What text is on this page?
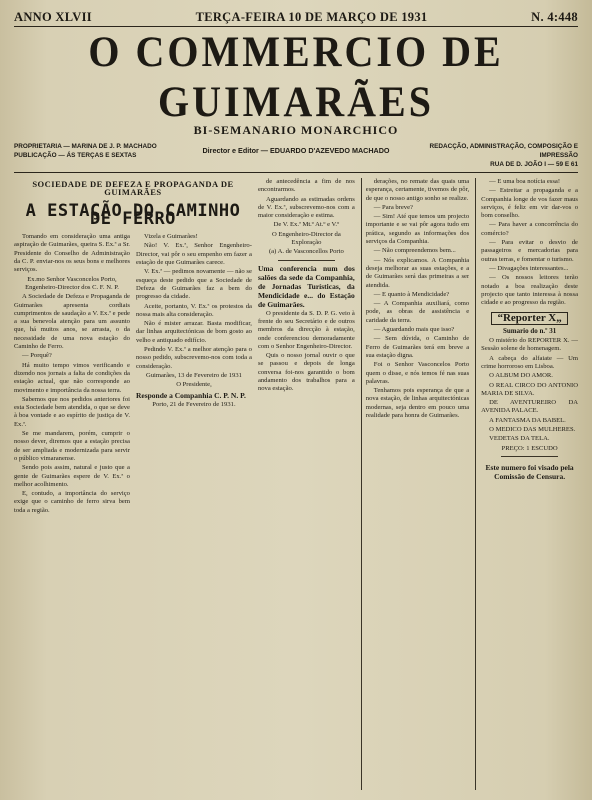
ANNO XLVII	TERÇA-FEIRA 10 DE MARÇO DE 1931	N. 4:448
O COMMERCIO DE GUIMARÃES
BI-SEMANARIO MONARCHICO
PROPRIETARIA — MARINA DE J. P. MACHADO
PUBLICAÇÃO — ÁS TERÇAS E SEXTAS
Director e Editor — EDUARDO D'AZEVEDO MACHADO	REDACÇÃO, ADMINISTRAÇÃO, COMPOSIÇÃO E IMPRESSÃO
RUA DE D. JOÃO I — 59 E 61
SOCIEDADE DE DEFEZA E PROPAGANDA DE GUIMARÃES
A ESTAÇÃO DO CAMINHO DE FERRO

Tomando em consideração uma antiga aspiração de Guimarães, queira S. Ex.ª a Sr. Presidente do Conselho de Administração da C. P. enviar-nos os seus bons e melhores serviços.

Ex.mo Senhor Vasconcelos Porto, Engenheiro-Director dos C. F. N. P.

A Sociedade de Defeza e Propaganda de Guimarães apresenta cordiais cumprimentos de saudação a V. Ex.ª e pede a sua benevola atenção para um assunto que, há muitos anos, se arrasta, o da necessidade de uma nova estação do Caminho de Ferro.

— Porquê?

Há muito tempo vimos verificando e dizendo nos jornais a falta de condições da estação actual, que não corresponde ao movimento e importância da nossa terra.

Sabemos que nos pedidos anteriores foi esta Sociedade bem atendida, o que se deve à boa vontade e ao espírito de justiça de V. Ex.ª.

Se me mandarem, porém, cumprir o nosso dever, diremos que a estação precisa de ser ampliada e modernizada para servir o público vimaranense.

Sendo pois assim, natural e justo que a gente de Guimarães espere de V. Ex.ª o melhor acolhimento.

E, contudo, a importância do serviço exige que o caminho de ferro sirva bem toda a região.

Vizela e Guimarães!

Não! V. Ex.ª, Senhor Engenheiro-Director, vai pôr o seu empenho em fazer a estação de que Guimarães carece.

V. Ex.ª — pedimos novamente — não se esqueça deste pedido que a Sociedade de Defeza de Guimarães faz a bem do progresso da cidade.

Aceite, portanto, V. Ex.ª os protestos da nossa mais alta consideração.

Não é mister arrazar. Basta modificar, dar linhas arquitectónicas de bom gosto ao velho e antiquado edifício.

Pedindo V. Ex.ª a melhor atenção para o nosso pedido, subscrevemo-nos com toda a consideração.

Guimarães, 13 de Fevereiro de 1931

O Presidente,

Responde a Companhia C. P. N. P.

Porto, 21 de Fevereiro de 1931.

de antecedência a fim de nos encontrarmos.

Aguardando as estimadas ordens de V. Ex.ª, subscrevemo-nos com a maior consideração e estima.

De V. Ex.ª Mt.º At.º e V.º

O Engenheiro-Director da Exploração

(a) A. de Vasconcellos Porto

Uma conferencia num dos salões da sede da Companhia, de Jornadas Turísticas, da Mendicidade e... do Estação de Guimarães.

O presidente da S. D. P. G. veio à frente do seu Secretário e de outros membros da direcção à estação, onde conferenciou demoradamente com o Senhor Engenheiro-Director.

Quis o nosso jornal ouvir o que se passou e depois de longa conversa foi-nos garantido o bom andamento dos trabalhos para a nova estação.

derações, no remate das quais uma esperança, certamente, tivemos de pôr, de que o nosso antigo sonho se realize.

— Para breve?

— Sim! Até que temos um projecto importante e se vai pôr agora tudo em prática, segundo as informações dos serviços da Companhia.

— Não compreendemos bem...

— Nós explicamos. A Companhia deseja melhorar as suas estações, e a de Guimarães será das primeiras a ser atendida.

— E quanto à Mendicidade?

— A Companhia auxiliará, como pode, as obras de assistência e caridade da terra.

— Aguardando mais que isso?

— Sem dúvida, o Caminho de Ferro de Guimarães terá em breve a sua estação digna.

Foi o Senhor Vasconcelos Porto quem o disse, e nós temos fé nas suas palavras.

Tenhamos pois esperança de que a nova estação, de linhas arquitectónicas modernas, seja dentro em pouco uma realidade para honra de Guimarães.

— E uma boa notícia essa!

— Estreitar a propaganda e a Companhia longe de vos fazer maus serviços, é feliz em vir dar-vos o bom conselho.

— Para haver a concorrência do comércio?

— Para evitar o desvio de passageiros e mercadorias para outras terras, e fomentar o turismo.

— Divagações interessantes...

— Os nossos leitores terão notado a boa realização deste projecto que tanto interessa à nossa cidade e ao progresso da região.

“Reporter X„
Sumario do n.º 31

O mistério do REPORTER X. — Sessão solene de homenagem.

A cabeça do alfaiate — Um crime horroroso em Lisboa.

O ALBUM DO AMOR.

O REAL CIRCO DO ANTONIO MARIA DE SILVA.

DE AVENTUREIRO DA AVENIDA PALACE.

A FANTASMA DA BABEL.

O MEDICO DAS MULHERES.

VEDETAS DA TELA.

PREÇO: 1 ESCUDO

Este numero foi visado pela Comissão de Censura.
